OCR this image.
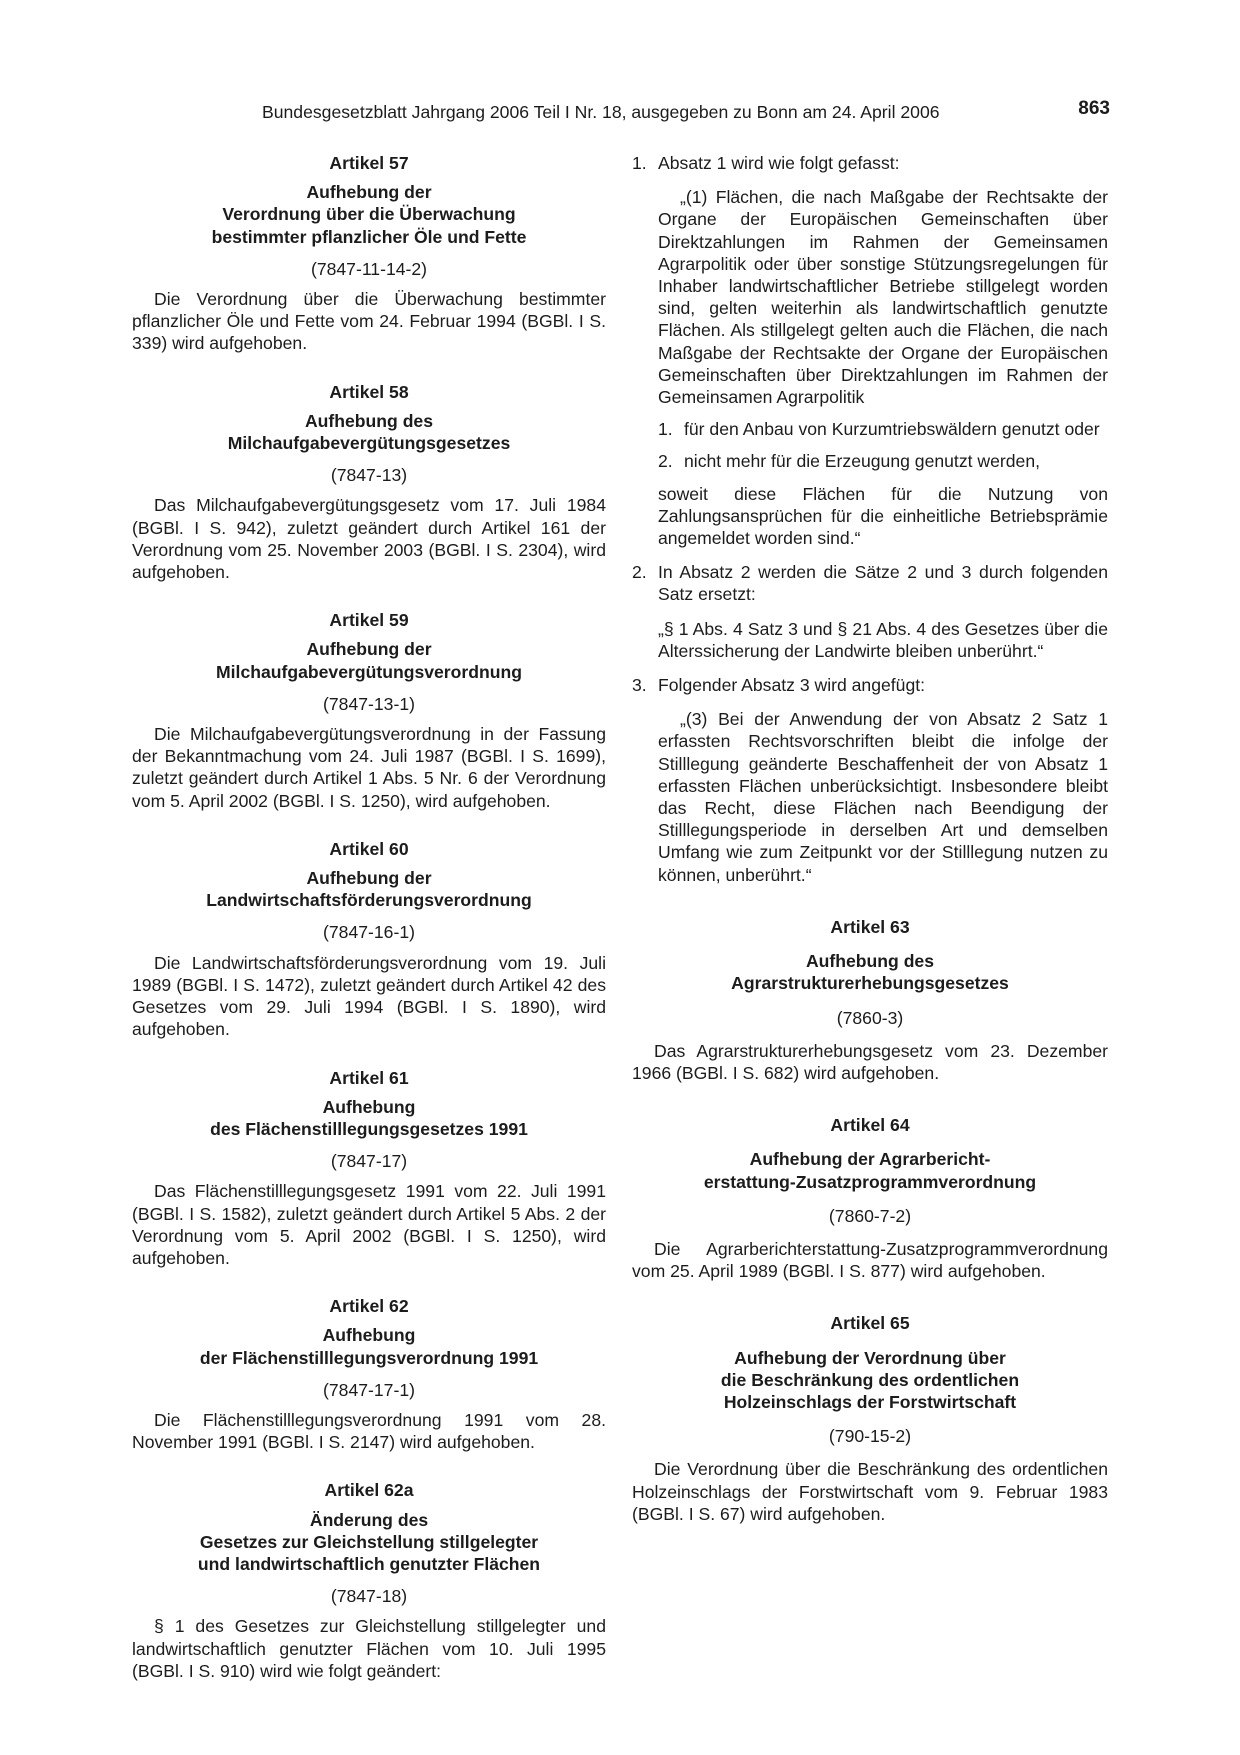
Bundesgesetzblatt Jahrgang 2006 Teil I Nr. 18, ausgegeben zu Bonn am 24. April 2006	863
Artikel 57
Aufhebung der
Verordnung über die Überwachung
bestimmter pflanzlicher Öle und Fette
(7847-11-14-2)

Die Verordnung über die Überwachung bestimmter pflanzlicher Öle und Fette vom 24. Februar 1994 (BGBl. I S. 339) wird aufgehoben.

Artikel 58
Aufhebung des
Milchaufgabevergütungsgesetzes
(7847-13)

Das Milchaufgabevergütungsgesetz vom 17. Juli 1984 (BGBl. I S. 942), zuletzt geändert durch Artikel 161 der Verordnung vom 25. November 2003 (BGBl. I S. 2304), wird aufgehoben.

Artikel 59
Aufhebung der
Milchaufgabevergütungsverordnung
(7847-13-1)

Die Milchaufgabevergütungsverordnung in der Fassung der Bekanntmachung vom 24. Juli 1987 (BGBl. I S. 1699), zuletzt geändert durch Artikel 1 Abs. 5 Nr. 6 der Verordnung vom 5. April 2002 (BGBl. I S. 1250), wird aufgehoben.

Artikel 60
Aufhebung der
Landwirtschaftsförderungsverordnung
(7847-16-1)

Die Landwirtschaftsförderungsverordnung vom 19. Juli 1989 (BGBl. I S. 1472), zuletzt geändert durch Artikel 42 des Gesetzes vom 29. Juli 1994 (BGBl. I S. 1890), wird aufgehoben.

Artikel 61
Aufhebung
des Flächenstilllegungsgesetzes 1991
(7847-17)

Das Flächenstilllegungsgesetz 1991 vom 22. Juli 1991 (BGBl. I S. 1582), zuletzt geändert durch Artikel 5 Abs. 2 der Verordnung vom 5. April 2002 (BGBl. I S. 1250), wird aufgehoben.

Artikel 62
Aufhebung
der Flächenstilllegungsverordnung 1991
(7847-17-1)

Die Flächenstilllegungsverordnung 1991 vom 28. November 1991 (BGBl. I S. 2147) wird aufgehoben.

Artikel 62a
Änderung des
Gesetzes zur Gleichstellung stillgelegter
und landwirtschaftlich genutzter Flächen
(7847-18)

§ 1 des Gesetzes zur Gleichstellung stillgelegter und landwirtschaftlich genutzter Flächen vom 10. Juli 1995 (BGBl. I S. 910) wird wie folgt geändert:

1. Absatz 1 wird wie folgt gefasst:

„(1) Flächen, die nach Maßgabe der Rechtsakte der Organe der Europäischen Gemeinschaften über Direktzahlungen im Rahmen der Gemeinsamen Agrarpolitik oder über sonstige Stützungsregelungen für Inhaber landwirtschaftlicher Betriebe stillgelegt worden sind, gelten weiterhin als landwirtschaftlich genutzte Flächen. Als stillgelegt gelten auch die Flächen, die nach Maßgabe der Rechtsakte der Organe der Europäischen Gemeinschaften über Direktzahlungen im Rahmen der Gemeinsamen Agrarpolitik

1. für den Anbau von Kurzumtriebswäldern genutzt oder
2. nicht mehr für die Erzeugung genutzt werden,

soweit diese Flächen für die Nutzung von Zahlungsansprüchen für die einheitliche Betriebsprämie angemeldet worden sind.“

2. In Absatz 2 werden die Sätze 2 und 3 durch folgenden Satz ersetzt:

„§ 1 Abs. 4 Satz 3 und § 21 Abs. 4 des Gesetzes über die Alterssicherung der Landwirte bleiben unberührt.“

3. Folgender Absatz 3 wird angefügt:

„(3) Bei der Anwendung der von Absatz 2 Satz 1 erfassten Rechtsvorschriften bleibt die infolge der Stilllegung geänderte Beschaffenheit der von Absatz 1 erfassten Flächen unberücksichtigt. Insbesondere bleibt das Recht, diese Flächen nach Beendigung der Stilllegungsperiode in derselben Art und demselben Umfang wie zum Zeitpunkt vor der Stilllegung nutzen zu können, unberührt.“

Artikel 63
Aufhebung des
Agrarstrukturerhebungsgesetzes
(7860-3)

Das Agrarstrukturerhebungsgesetz vom 23. Dezember 1966 (BGBl. I S. 682) wird aufgehoben.

Artikel 64
Aufhebung der Agrarbericht-
erstattung-Zusatzprogrammverordnung
(7860-7-2)

Die Agrarberichterstattung-Zusatzprogrammverordnung vom 25. April 1989 (BGBl. I S. 877) wird aufgehoben.

Artikel 65
Aufhebung der Verordnung über
die Beschränkung des ordentlichen
Holzeinschlags der Forstwirtschaft
(790-15-2)

Die Verordnung über die Beschränkung des ordentlichen Holzeinschlags der Forstwirtschaft vom 9. Februar 1983 (BGBl. I S. 67) wird aufgehoben.
